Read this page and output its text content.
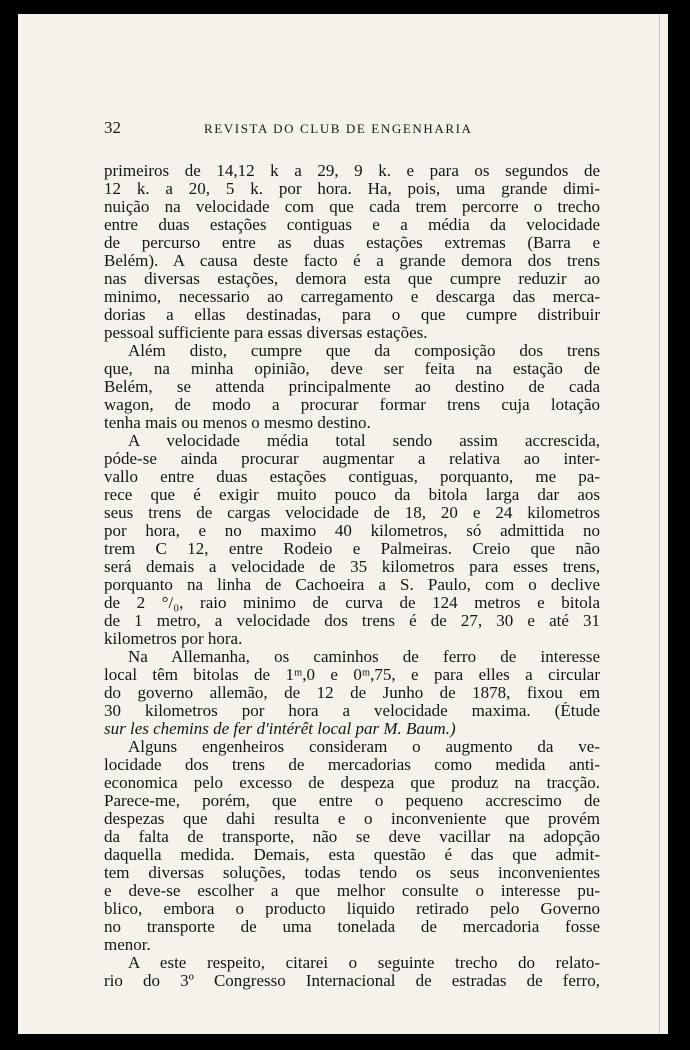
32	REVISTA DO CLUB DE ENGENHARIA
primeiros de 14,12 k a 29, 9 k. e para os segundos de
12 k. a 20, 5 k. por hora. Ha, pois, uma grande dimi-
nuição na velocidade com que cada trem percorre o trecho
entre duas estações contiguas e a média da velocidade
de percurso entre as duas estações extremas (Barra e
Belém). A causa deste facto é a grande demora dos trens
nas diversas estações, demora esta que cumpre reduzir ao
minimo, necessario ao carregamento e descarga das merca-
dorias a ellas destinadas, para o que cumpre distribuir
pessoal sufficiente para essas diversas estações.
Além disto, cumpre que da composição dos trens
que, na minha opinião, deve ser feita na estação de
Belém, se attenda principalmente ao destino de cada
wagon, de modo a procurar formar trens cuja lotação
tenha mais ou menos o mesmo destino.
A velocidade média total sendo assim accrescida,
póde-se ainda procurar augmentar a relativa ao inter-
vallo entre duas estações contiguas, porquanto, me pa-
rece que é exigir muito pouco da bitola larga dar aos
seus trens de cargas velocidade de 18, 20 e 24 kilometros
por hora, e no maximo 40 kilometros, só admittida no
trem C 12, entre Rodeio e Palmeiras. Creio que não
será demais a velocidade de 35 kilometros para esses trens,
porquanto na linha de Cachoeira a S. Paulo, com o declive
de 2 °/₀, raio minimo de curva de 124 metros e bitola
de 1 metro, a velocidade dos trens é de 27, 30 e até 31
kilometros por hora.
Na Allemanha, os caminhos de ferro de interesse
local têm bitolas de 1ᵐ,0 e 0ᵐ,75, e para elles a circular
do governo allemão, de 12 de Junho de 1878, fixou em
30 kilometros por hora a velocidade maxima. (Étude
sur les chemins de fer d'intérêt local par M. Baum.)
Alguns engenheiros consideram o augmento da ve-
locidade dos trens de mercadorias como medida anti-
economica pelo excesso de despeza que produz na tracção.
Parece-me, porém, que entre o pequeno accrescimo de
despezas que dahi resulta e o inconveniente que provém
da falta de transporte, não se deve vacillar na adopção
daquella medida. Demais, esta questão é das que admit-
tem diversas soluções, todas tendo os seus inconvenientes
e deve-se escolher a que melhor consulte o interesse pu-
blico, embora o producto liquido retirado pelo Governo
no transporte de uma tonelada de mercadoria fosse
menor.
A este respeito, citarei o seguinte trecho do relato-
rio do 3º Congresso Internacional de estradas de ferro,
